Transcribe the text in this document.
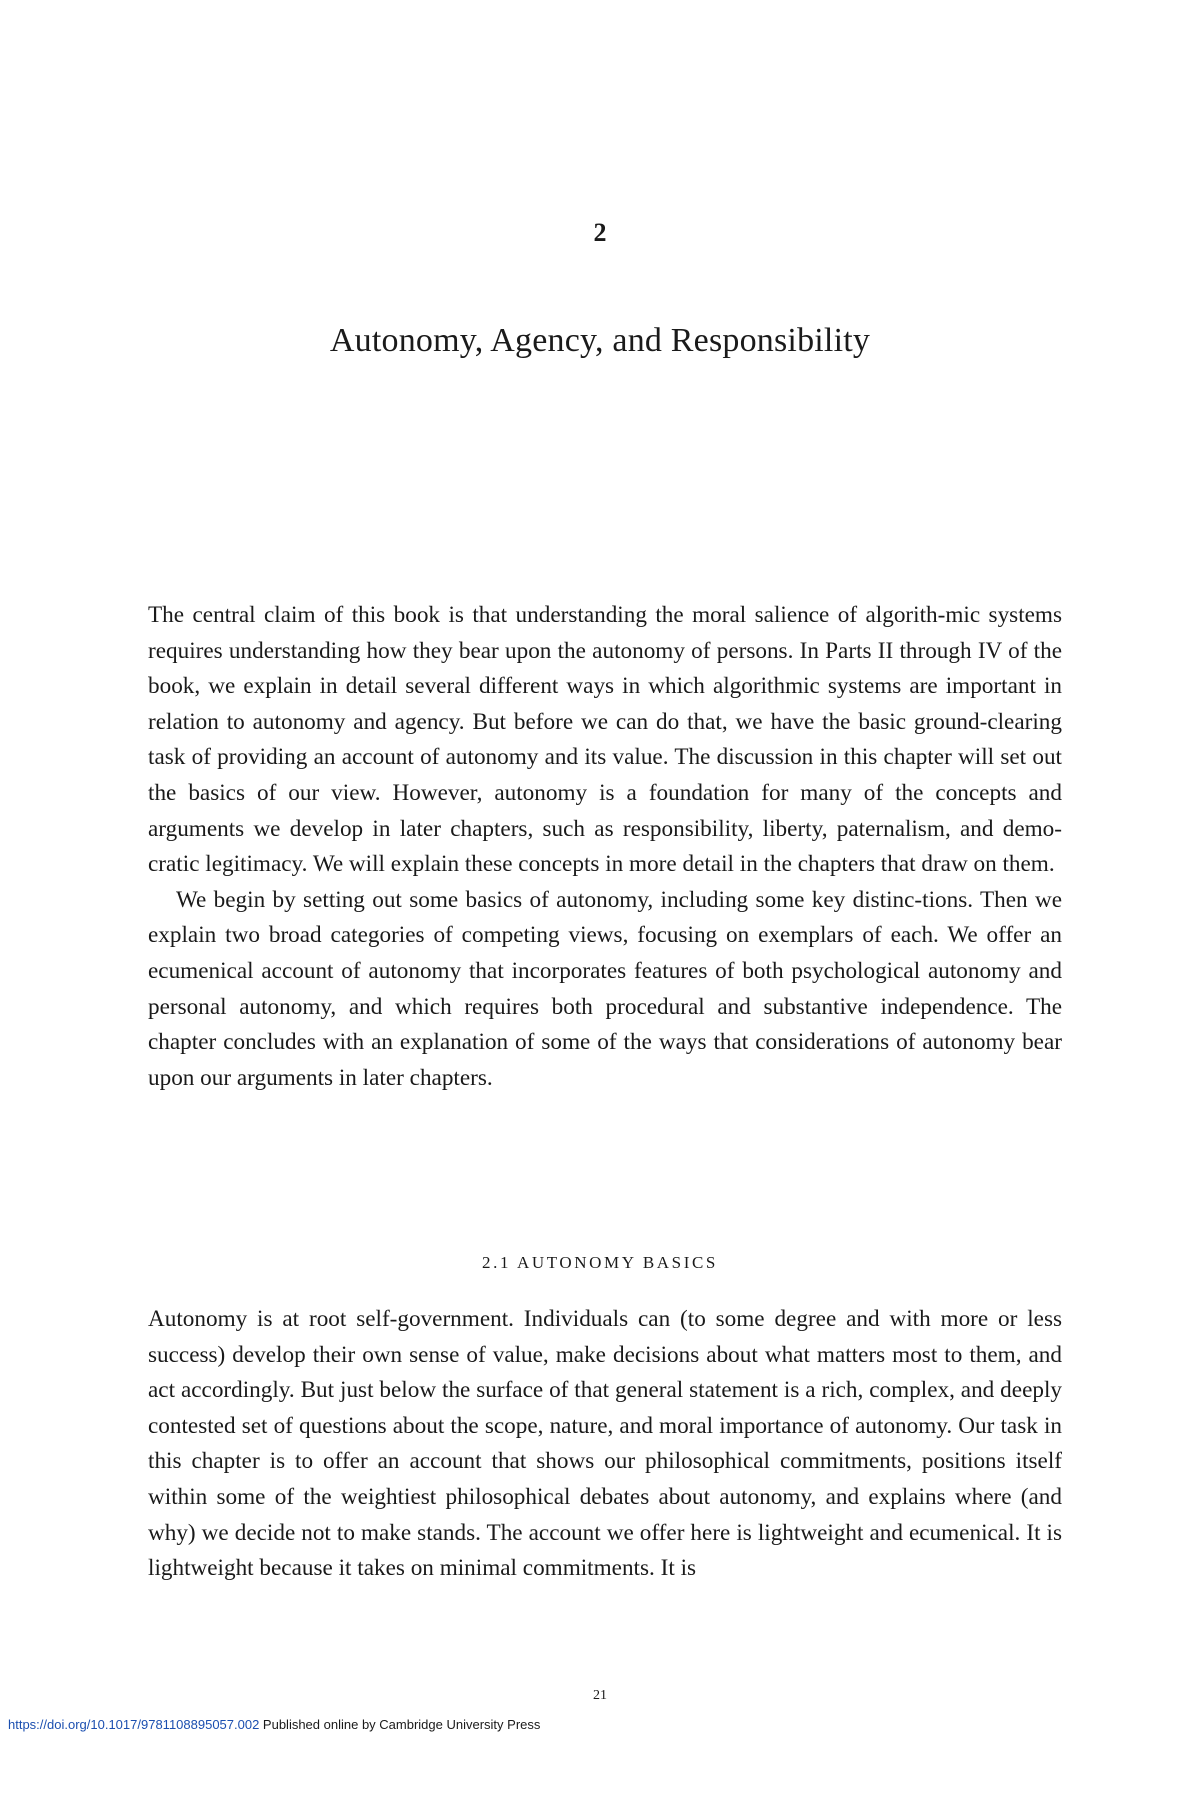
2
Autonomy, Agency, and Responsibility

The central claim of this book is that understanding the moral salience of algorith-mic systems requires understanding how they bear upon the autonomy of persons. In Parts II through IV of the book, we explain in detail several different ways in which algorithmic systems are important in relation to autonomy and agency. But before we can do that, we have the basic ground-clearing task of providing an account of autonomy and its value. The discussion in this chapter will set out the basics of our view. However, autonomy is a foundation for many of the concepts and arguments we develop in later chapters, such as responsibility, liberty, paternalism, and demo-cratic legitimacy. We will explain these concepts in more detail in the chapters that draw on them.

We begin by setting out some basics of autonomy, including some key distinc-tions. Then we explain two broad categories of competing views, focusing on exemplars of each. We offer an ecumenical account of autonomy that incorporates features of both psychological autonomy and personal autonomy, and which requires both procedural and substantive independence. The chapter concludes with an explanation of some of the ways that considerations of autonomy bear upon our arguments in later chapters.

2.1 AUTONOMY BASICS

Autonomy is at root self-government. Individuals can (to some degree and with more or less success) develop their own sense of value, make decisions about what matters most to them, and act accordingly. But just below the surface of that general statement is a rich, complex, and deeply contested set of questions about the scope, nature, and moral importance of autonomy. Our task in this chapter is to offer an account that shows our philosophical commitments, positions itself within some of the weightiest philosophical debates about autonomy, and explains where (and why) we decide not to make stands. The account we offer here is lightweight and ecumenical. It is lightweight because it takes on minimal commitments. It is

21
https://doi.org/10.1017/9781108895057.002 Published online by Cambridge University Press
